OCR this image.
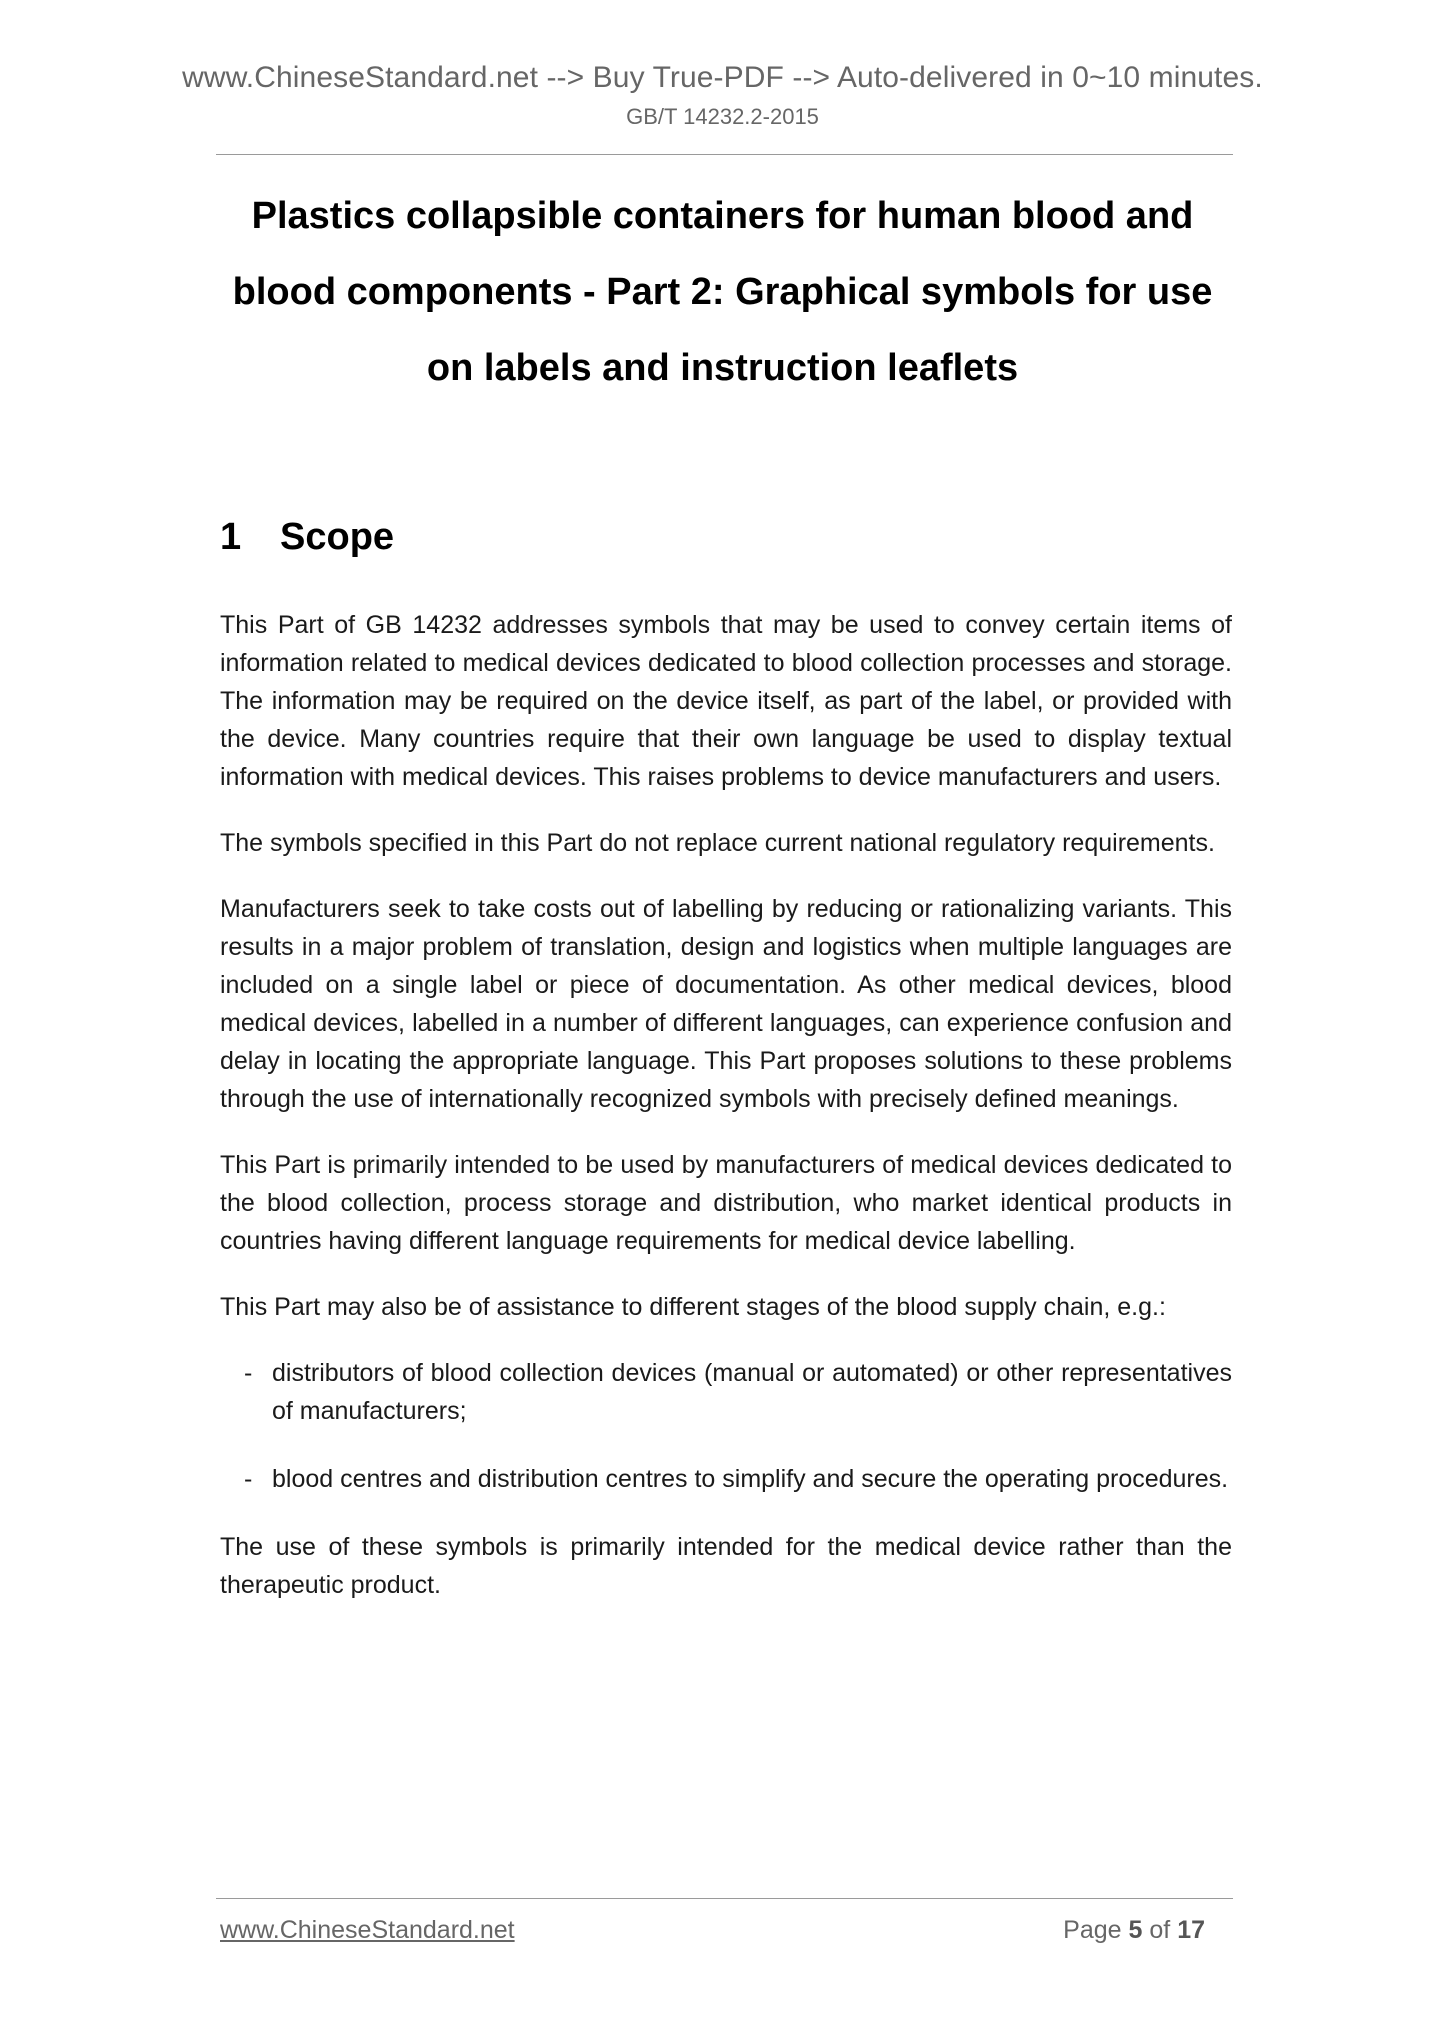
www.ChineseStandard.net --> Buy True-PDF --> Auto-delivered in 0~10 minutes.
GB/T 14232.2-2015
Plastics collapsible containers for human blood and
blood components - Part 2: Graphical symbols for use
on labels and instruction leaflets
1 Scope

This Part of GB 14232 addresses symbols that may be used to convey certain items of information related to medical devices dedicated to blood collection processes and storage. The information may be required on the device itself, as part of the label, or provided with the device. Many countries require that their own language be used to display textual information with medical devices. This raises problems to device manufacturers and users.

The symbols specified in this Part do not replace current national regulatory requirements.

Manufacturers seek to take costs out of labelling by reducing or rationalizing variants. This results in a major problem of translation, design and logistics when multiple languages are included on a single label or piece of documentation. As other medical devices, blood medical devices, labelled in a number of different languages, can experience confusion and delay in locating the appropriate language. This Part proposes solutions to these problems through the use of internationally recognized symbols with precisely defined meanings.

This Part is primarily intended to be used by manufacturers of medical devices dedicated to the blood collection, process storage and distribution, who market identical products in countries having different language requirements for medical device labelling.

This Part may also be of assistance to different stages of the blood supply chain, e.g.:

- distributors of blood collection devices (manual or automated) or other representatives of manufacturers;
- blood centres and distribution centres to simplify and secure the operating procedures.

The use of these symbols is primarily intended for the medical device rather than the therapeutic product.

www.ChineseStandard.net	Page 5 of 17
